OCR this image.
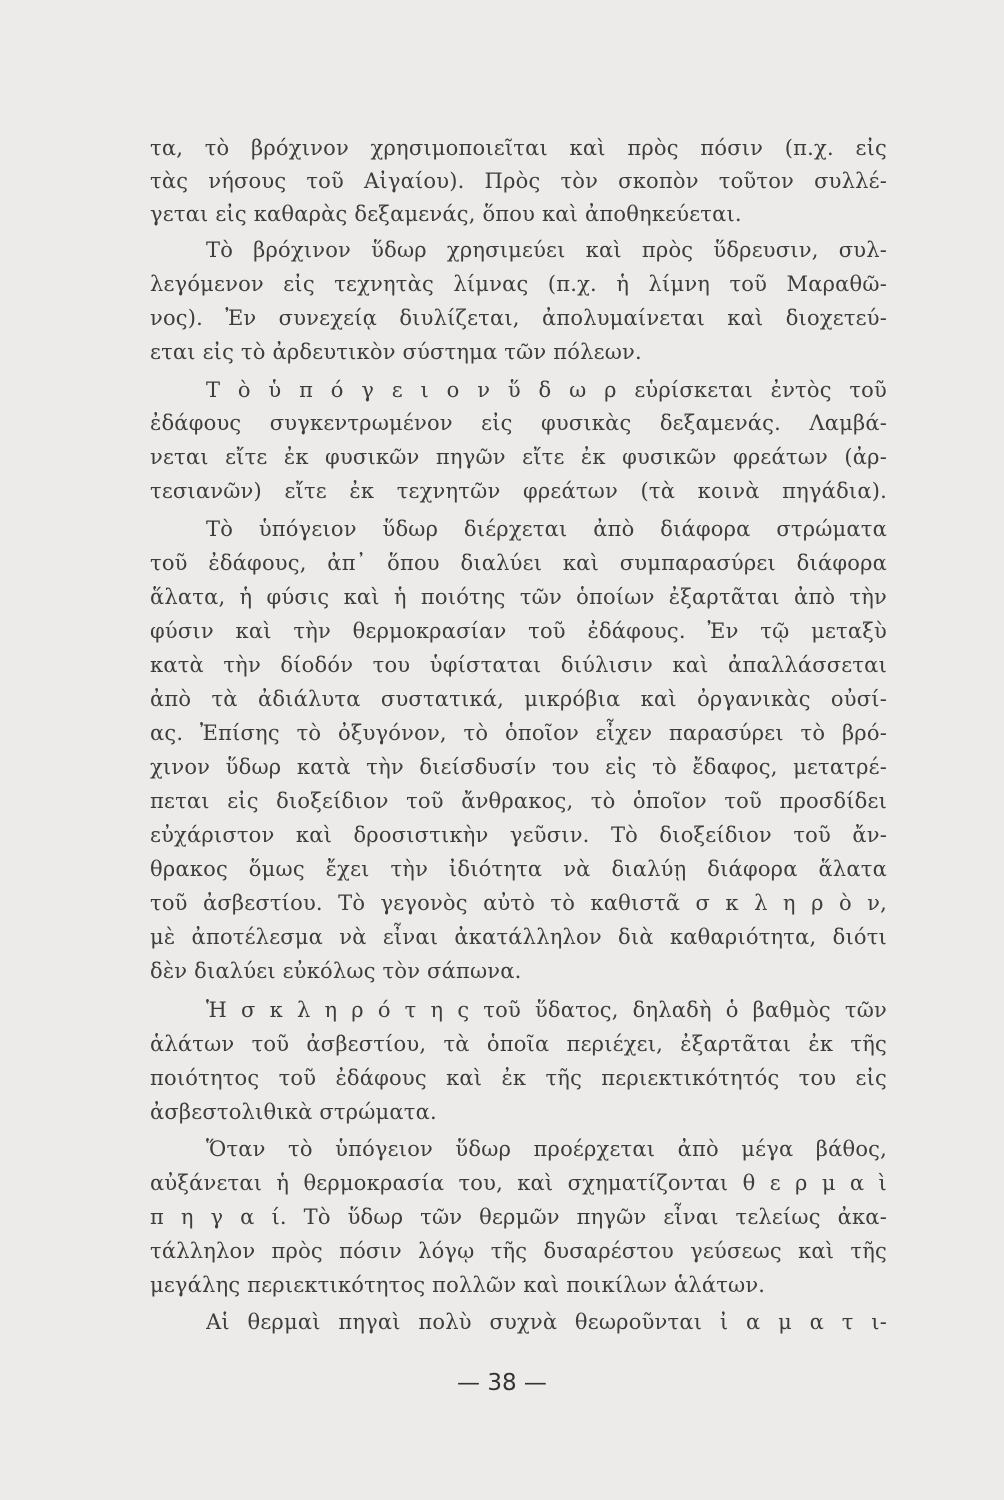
τα, τὸ βρόχινον χρησιμοποιεῖται καὶ πρὸς πόσιν (π.χ. εἰς
τὰς νήσους τοῦ Αἰγαίου). Πρὸς τὸν σκοπὸν τοῦτον συλλέ-
γεται εἰς καθαρὰς δεξαμενάς, ὅπου καὶ ἀποθηκεύεται.
Τὸ βρόχινον ὕδωρ χρησιμεύει καὶ πρὸς ὕδρευσιν, συλ-
λεγόμενον εἰς τεχνητὰς λίμνας (π.χ. ἡ λίμνη τοῦ Μαραθῶ-
νος). Ἐν συνεχείᾳ διυλίζεται, ἀπολυμαίνεται καὶ διοχετεύ-
εται εἰς τὸ ἀρδευτικὸν σύστημα τῶν πόλεων.
Τ ὸ ὑ π ό γ ε ι ο ν ὕ δ ω ρ εὑρίσκεται ἐντὸς τοῦ
ἐδάφους συγκεντρωμένον εἰς φυσικὰς δεξαμενάς. Λαμβά-
νεται εἴτε ἐκ φυσικῶν πηγῶν εἴτε ἐκ φυσικῶν φρεάτων (ἀρ-
τεσιανῶν) εἴτε ἐκ τεχνητῶν φρεάτων (τὰ κοινὰ πηγάδια).
Τὸ ὑπόγειον ὕδωρ διέρχεται ἀπὸ διάφορα στρώματα
τοῦ ἐδάφους, ἀπ᾿ ὅπου διαλύει καὶ συμπαρασύρει διάφορα
ἅλατα, ἡ φύσις καὶ ἡ ποιότης τῶν ὁποίων ἐξαρτᾶται ἀπὸ τὴν
φύσιν καὶ τὴν θερμοκρασίαν τοῦ ἐδάφους. Ἐν τῷ μεταξὺ
κατὰ τὴν δίοδόν του ὑφίσταται διύλισιν καὶ ἀπαλλάσσεται
ἀπὸ τὰ ἀδιάλυτα συστατικά, μικρόβια καὶ ὀργανικὰς οὐσί-
ας. Ἐπίσης τὸ ὀξυγόνον, τὸ ὁποῖον εἶχεν παρασύρει τὸ βρό-
χινον ὕδωρ κατὰ τὴν διείσδυσίν του εἰς τὸ ἔδαφος, μετατρέ-
πεται εἰς διοξείδιον τοῦ ἄνθρακος, τὸ ὁποῖον τοῦ προσδίδει
εὐχάριστον καὶ δροσιστικὴν γεῦσιν. Τὸ διοξείδιον τοῦ ἄν-
θρακος ὅμως ἔχει τὴν ἰδιότητα νὰ διαλύῃ διάφορα ἅλατα
τοῦ ἀσβεστίου. Τὸ γεγονὸς αὐτὸ τὸ καθιστᾶ σ κ λ η ρ ὸ ν,
μὲ ἀποτέλεσμα νὰ εἶναι ἀκατάλληλον διὰ καθαριότητα, διότι
δὲν διαλύει εὐκόλως τὸν σάπωνα.
Ἡ σ κ λ η ρ ό τ η ς τοῦ ὕδατος, δηλαδὴ ὁ βαθμὸς τῶν
ἁλάτων τοῦ ἀσβεστίου, τὰ ὁποῖα περιέχει, ἐξαρτᾶται ἐκ τῆς
ποιότητος τοῦ ἐδάφους καὶ ἐκ τῆς περιεκτικότητός του εἰς
ἀσβεστολιθικὰ στρώματα.
Ὅταν τὸ ὑπόγειον ὕδωρ προέρχεται ἀπὸ μέγα βάθος,
αὐξάνεται ἡ θερμοκρασία του, καὶ σχηματίζονται θ ε ρ μ α ὶ
π η γ α ί. Τὸ ὕδωρ τῶν θερμῶν πηγῶν εἶναι τελείως ἀκα-
τάλληλον πρὸς πόσιν λόγῳ τῆς δυσαρέστου γεύσεως καὶ τῆς
μεγάλης περιεκτικότητος πολλῶν καὶ ποικίλων ἁλάτων.
Αἱ θερμαὶ πηγαὶ πολὺ συχνὰ θεωροῦνται ἰ α μ α τ ι-
— 38 —
